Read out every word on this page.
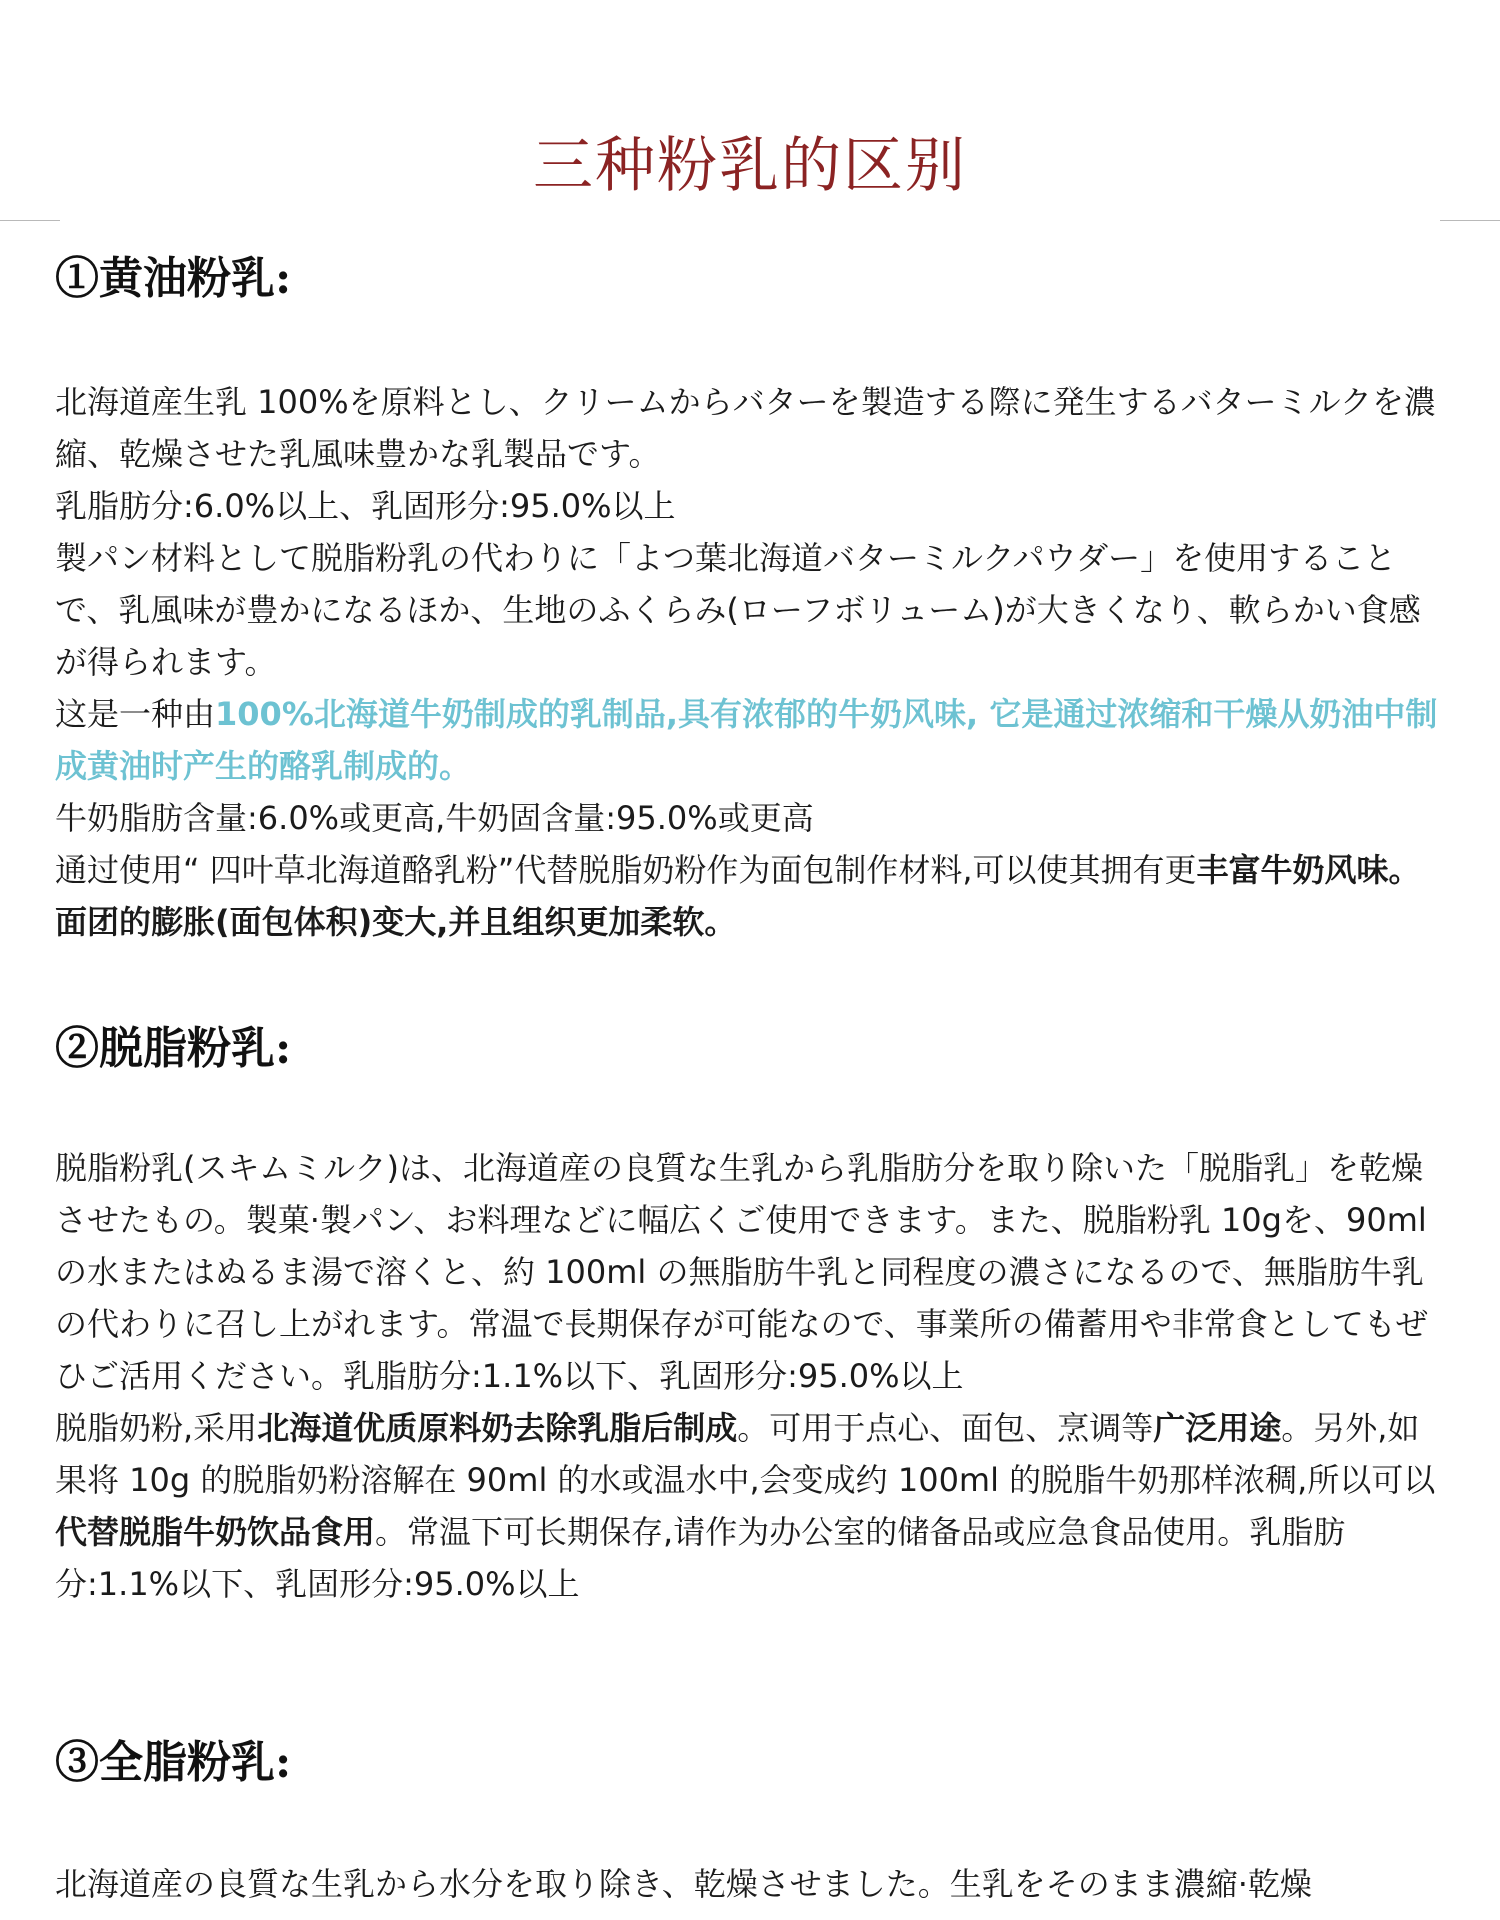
三种粉乳的区别
①黄油粉乳:

北海道産生乳 100%を原料とし、クリームからバターを製造する際に発生するバターミルクを濃縮、乾燥させた乳風味豊かな乳製品です。

乳脂肪分:6.0%以上、乳固形分:95.0%以上

製パン材料として脱脂粉乳の代わりに「よつ葉北海道バターミルクパウダー」を使用することで、乳風味が豊かになるほか、生地のふくらみ(ローフボリューム)が大きくなり、軟らかい食感が得られます。

这是一种由100%北海道牛奶制成的乳制品,具有浓郁的牛奶风味, 它是通过浓缩和干燥从奶油中制成黄油时产生的酪乳制成的。

牛奶脂肪含量:6.0%或更高,牛奶固含量:95.0%或更高

通过使用“ 四叶草北海道酪乳粉”代替脱脂奶粉作为面包制作材料,可以使其拥有更丰富牛奶风味。面团的膨胀(面包体积)变大,并且组织更加柔软。

②脱脂粉乳:

脱脂粉乳(スキムミルク)は、北海道産の良質な生乳から乳脂肪分を取り除いた「脱脂乳」を乾燥させたもの。製菓·製パン、お料理などに幅広くご使用できます。また、脱脂粉乳 10gを、90ml の水またはぬるま湯で溶くと、約 100ml の無脂肪牛乳と同程度の濃さになるので、無脂肪牛乳の代わりに召し上がれます。常温で長期保存が可能なので、事業所の備蓄用や非常食としてもぜひご活用ください。乳脂肪分:1.1%以下、乳固形分:95.0%以上

脱脂奶粉,采用北海道优质原料奶去除乳脂后制成。可用于点心、面包、烹调等广泛用途。另外,如果将 10g 的脱脂奶粉溶解在 90ml 的水或温水中,会变成约 100ml 的脱脂牛奶那样浓稠,所以可以代替脱脂牛奶饮品食用。常温下可长期保存,请作为办公室的储备品或应急食品使用。乳脂肪分:1.1%以下、乳固形分:95.0%以上

③全脂粉乳:

北海道産の良質な生乳から水分を取り除き、乾燥させました。生乳をそのまま濃縮·乾燥
